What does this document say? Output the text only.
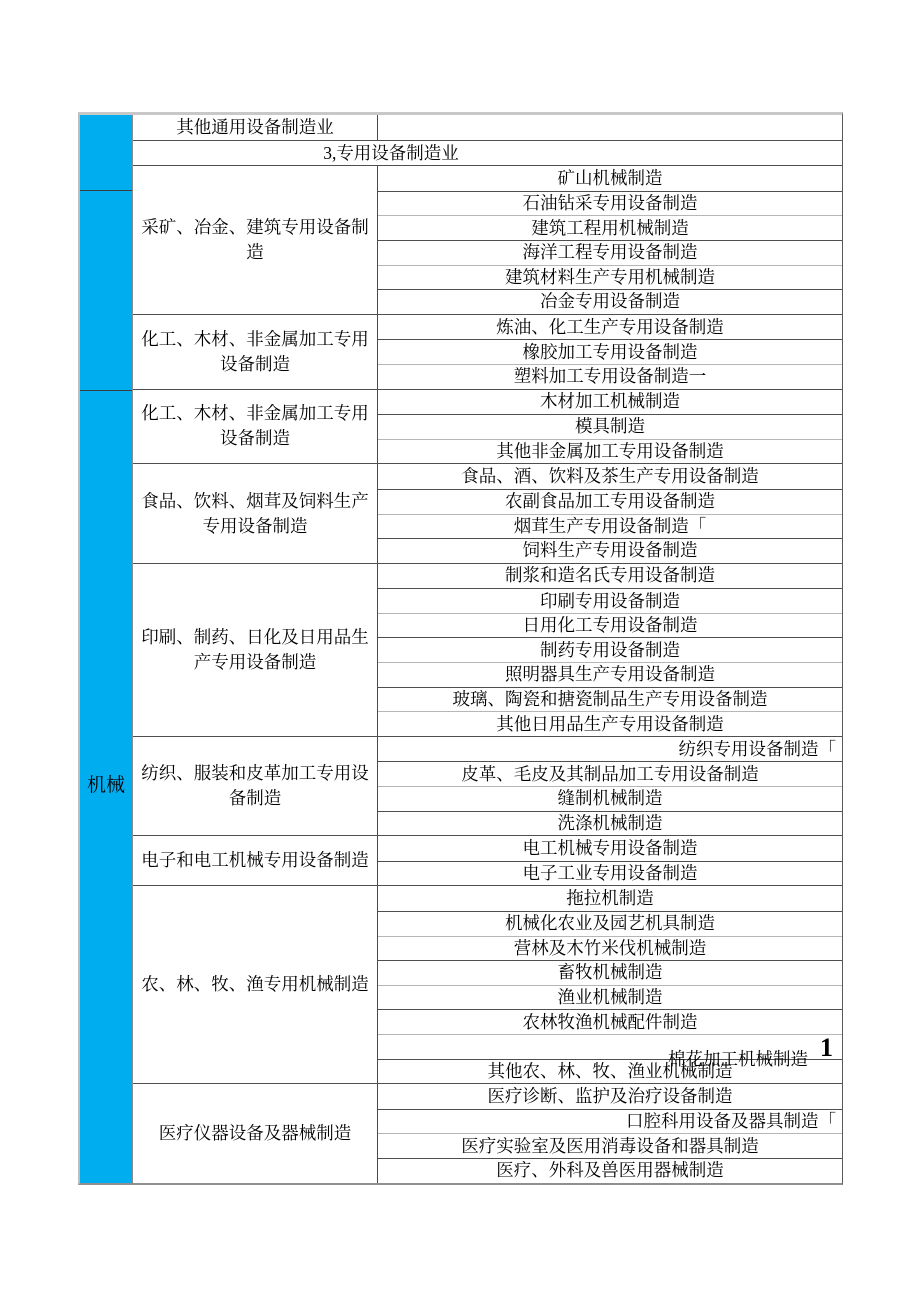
机械
其他通用设备制造业
3,专用设备制造业
采矿、冶金、建筑专用设备制造
矿山机械制造
石油钻采专用设备制造
建筑工程用机械制造
海洋工程专用设备制造
建筑材料生产专用机械制造
冶金专用设备制造
化工、木材、非金属加工专用设备制造
炼油、化工生产专用设备制造
橡胶加工专用设备制造
塑料加工专用设备制造一
化工、木材、非金属加工专用设备制造
木材加工机械制造
模具制造
其他非金属加工专用设备制造
食品、饮料、烟茸及饲料生产专用设备制造
食品、酒、饮料及茶生产专用设备制造
农副食品加工专用设备制造
烟茸生产专用设备制造「
饲料生产专用设备制造
印刷、制药、日化及日用品生产专用设备制造
制浆和造名氏专用设备制造
印刷专用设备制造
日用化工专用设备制造
制药专用设备制造
照明器具生产专用设备制造
玻璃、陶瓷和搪瓷制品生产专用设备制造
其他日用品生产专用设备制造
纺织、服装和皮革加工专用设备制造
纺织专用设备制造「
皮革、毛皮及其制品加工专用设备制造
缝制机械制造
洗涤机械制造
电子和电工机械专用设备制造
电工机械专用设备制造
电子工业专用设备制造
农、林、牧、渔专用机械制造
拖拉机制造
机械化农业及园艺机具制造
营林及木竹米伐机械制造
畜牧机械制造
渔业机械制造
农林牧渔机械配件制造
棉花加工机械制造 1
其他农、林、牧、渔业机械制造
医疗仪器设备及器械制造
医疗诊断、监护及治疗设备制造
口腔科用设备及器具制造「
医疗实验室及医用消毒设备和器具制造
医疗、外科及兽医用器械制造
